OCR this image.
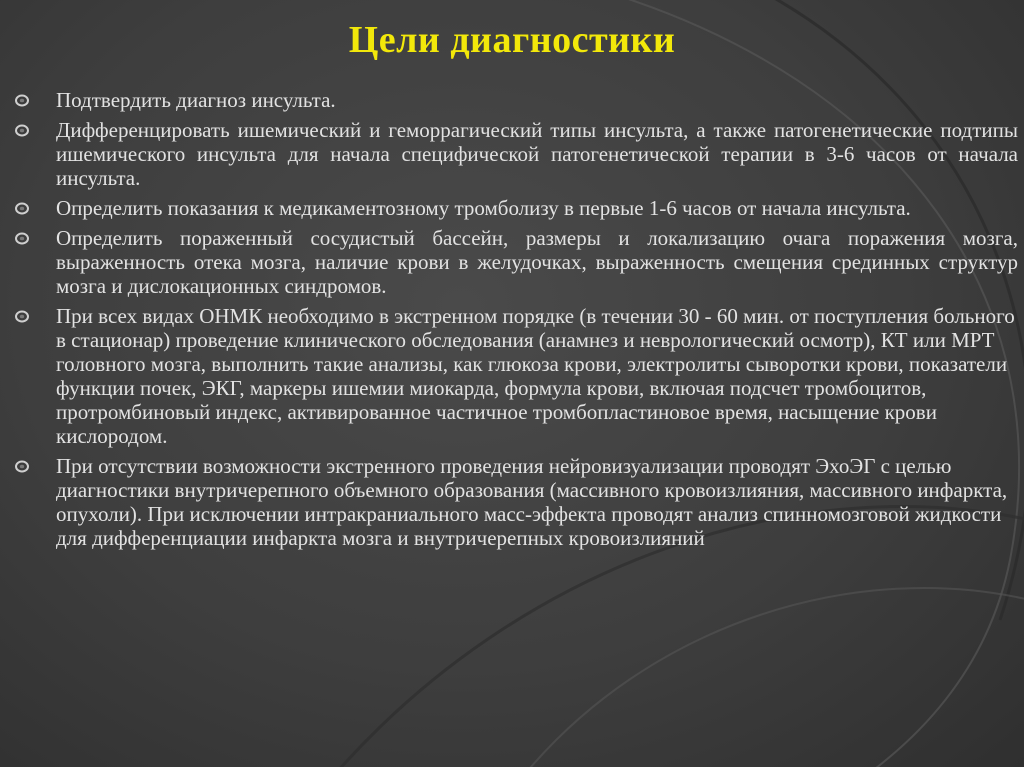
Цели диагностики
Подтвердить диагноз инсульта.
Дифференцировать ишемический и геморрагический типы инсульта, а также патогенетические подтипы ишемического инсульта для начала специфической патогенетической терапии в 3-6 часов от начала инсульта.
Определить показания к медикаментозному тромболизу в первые 1-6 часов от начала инсульта.
Определить пораженный сосудистый бассейн, размеры и локализацию очага поражения мозга, выраженность отека мозга, наличие крови в желудочках, выраженность смещения срединных структур мозга и дислокационных синдромов.
При всех видах ОНМК необходимо в экстренном порядке (в течении 30 - 60 мин. от поступления больного в стационар) проведение клинического обследования (анамнез и неврологический осмотр), КТ или МРТ головного мозга, выполнить такие анализы, как глюкоза крови, электролиты сыворотки крови, показатели функции почек, ЭКГ, маркеры ишемии миокарда, формула крови, включая подсчет тромбоцитов, протромбиновый индекс, активированное частичное тромбопластиновое время, насыщение крови кислородом.
При отсутствии возможности экстренного проведения нейровизуализации проводят ЭхоЭГ с целью диагностики внутричерепного объемного образования (массивного кровоизлияния, массивного инфаркта, опухоли). При исключении интракраниального масс-эффекта проводят анализ спинномозговой жидкости для дифференциации инфаркта мозга и внутричерепных кровоизлияний
